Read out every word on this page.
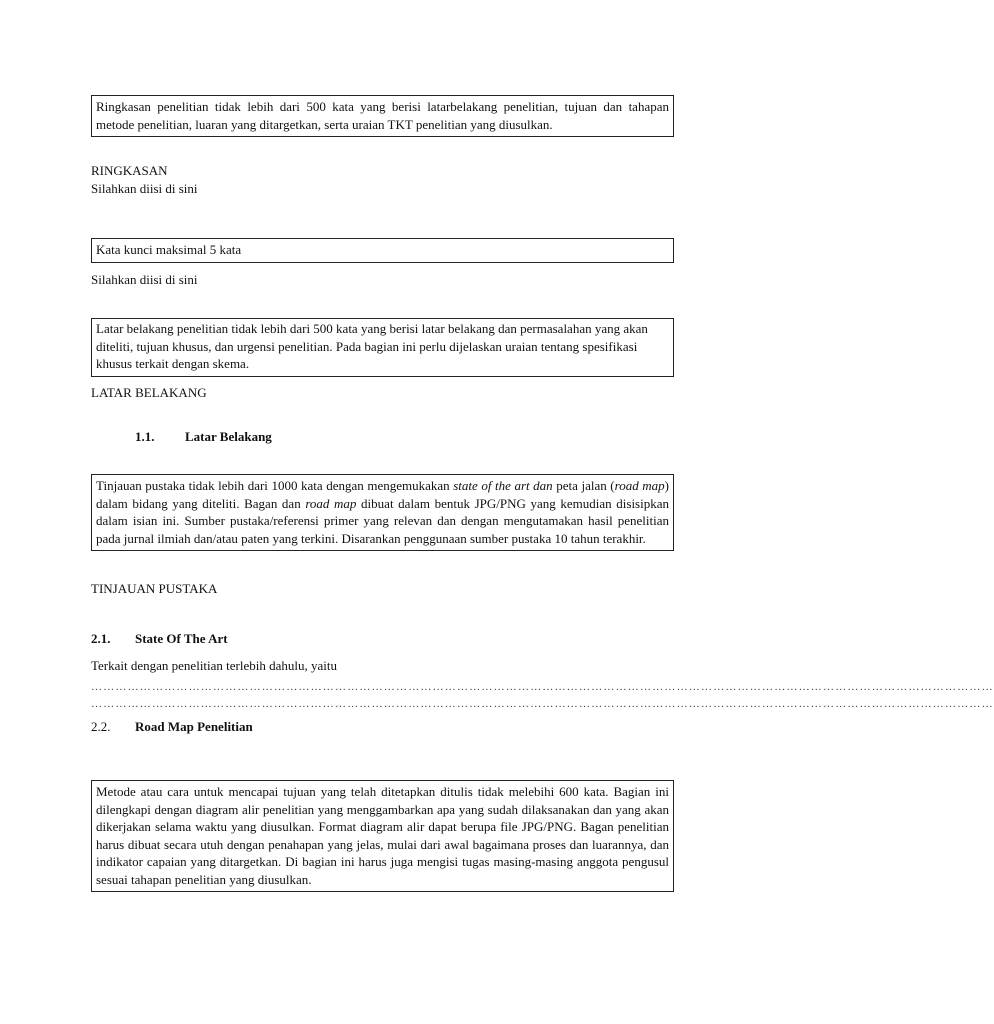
Ringkasan penelitian tidak lebih dari 500 kata yang berisi latarbelakang penelitian, tujuan dan tahapan metode penelitian, luaran yang ditargetkan, serta uraian TKT penelitian yang diusulkan.
RINGKASAN
Silahkan diisi di sini
Kata kunci maksimal 5 kata
Silahkan diisi di sini
Latar belakang penelitian tidak lebih dari 500 kata yang berisi latar belakang dan permasalahan yang akan diteliti, tujuan khusus, dan urgensi penelitian. Pada bagian ini perlu dijelaskan uraian tentang spesifikasi khusus terkait dengan skema.
LATAR BELAKANG
1.1. Latar Belakang
Tinjauan pustaka tidak lebih dari 1000 kata dengan mengemukakan state of the art dan peta jalan (road map) dalam bidang yang diteliti. Bagan dan road map dibuat dalam bentuk JPG/PNG yang kemudian disisipkan dalam isian ini. Sumber pustaka/referensi primer yang relevan dan dengan mengutamakan hasil penelitian pada jurnal ilmiah dan/atau paten yang terkini. Disarankan penggunaan sumber pustaka 10 tahun terakhir.
TINJAUAN PUSTAKA
2.1. State Of The Art
Terkait dengan penelitian terlebih dahulu, yaitu
……………………………………………………………………………………………………………………………………………………………………………………………………
……………………………………………………………………………………………………………………………………………………………………………………………………
2.2. Road Map Penelitian
Metode atau cara untuk mencapai tujuan yang telah ditetapkan ditulis tidak melebihi 600 kata. Bagian ini dilengkapi dengan diagram alir penelitian yang menggambarkan apa yang sudah dilaksanakan dan yang akan dikerjakan selama waktu yang diusulkan. Format diagram alir dapat berupa file JPG/PNG. Bagan penelitian harus dibuat secara utuh dengan penahapan yang jelas, mulai dari awal bagaimana proses dan luarannya, dan indikator capaian yang ditargetkan. Di bagian ini harus juga mengisi tugas masing-masing anggota pengusul sesuai tahapan penelitian yang diusulkan.
